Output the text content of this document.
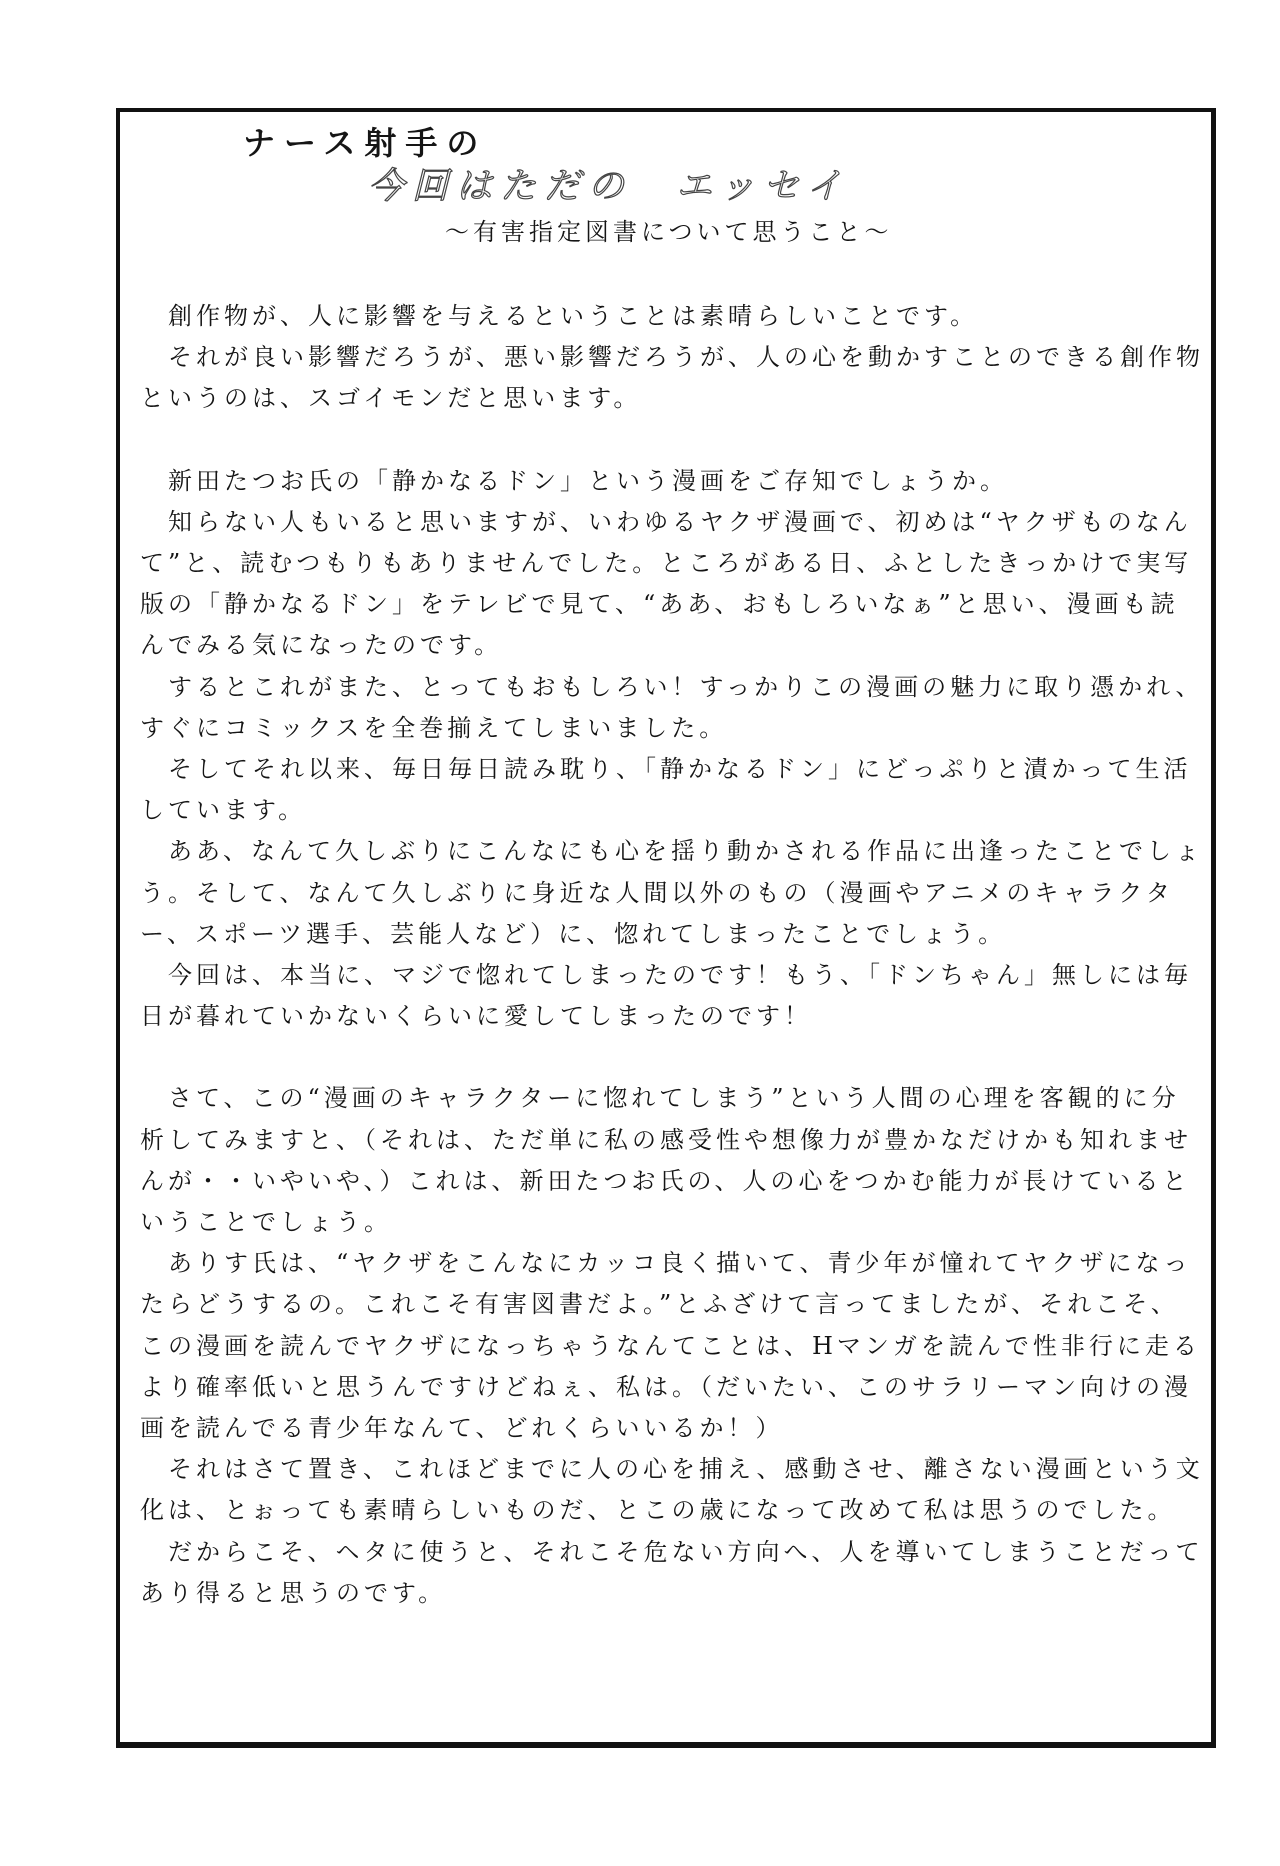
ナース射手の
今回はただの　エッセイ
～有害指定図書について思うこと～

　創作物が、人に影響を与えるということは素晴らしいことです。

　それが良い影響だろうが、悪い影響だろうが、人の心を動かすことのできる創作物というのは、スゴイモンだと思います。

　新田たつお氏の「静かなるドン」という漫画をご存知でしょうか。

　知らない人もいると思いますが、いわゆるヤクザ漫画で、初めは“ヤクザものなんて”と、読むつもりもありませんでした。ところがある日、ふとしたきっかけで実写版の「静かなるドン」をテレビで見て、“ああ、おもしろいなぁ”と思い、漫画も読んでみる気になったのです。

　するとこれがまた、とってもおもしろい！すっかりこの漫画の魅力に取り憑かれ、すぐにコミックスを全巻揃えてしまいました。

　そしてそれ以来、毎日毎日読み耽り、「静かなるドン」にどっぷりと漬かって生活しています。

　ああ、なんて久しぶりにこんなにも心を揺り動かされる作品に出逢ったことでしょう。そして、なんて久しぶりに身近な人間以外のもの（漫画やアニメのキャラクター、スポーツ選手、芸能人など）に、惚れてしまったことでしょう。

　今回は、本当に、マジで惚れてしまったのです！もう、「ドンちゃん」無しには毎日が暮れていかないくらいに愛してしまったのです！

　さて、この“漫画のキャラクターに惚れてしまう”という人間の心理を客観的に分析してみますと、（それは、ただ単に私の感受性や想像力が豊かなだけかも知れませんが・・いやいや、）これは、新田たつお氏の、人の心をつかむ能力が長けているということでしょう。

　ありす氏は、“ヤクザをこんなにカッコ良く描いて、青少年が憧れてヤクザになったらどうするの。これこそ有害図書だよ。”とふざけて言ってましたが、それこそ、この漫画を読んでヤクザになっちゃうなんてことは、Hマンガを読んで性非行に走るより確率低いと思うんですけどねぇ、私は。（だいたい、このサラリーマン向けの漫画を読んでる青少年なんて、どれくらいいるか！）

　それはさて置き、これほどまでに人の心を捕え、感動させ、離さない漫画という文化は、とぉっても素晴らしいものだ、とこの歳になって改めて私は思うのでした。

　だからこそ、ヘタに使うと、それこそ危ない方向へ、人を導いてしまうことだってあり得ると思うのです。
